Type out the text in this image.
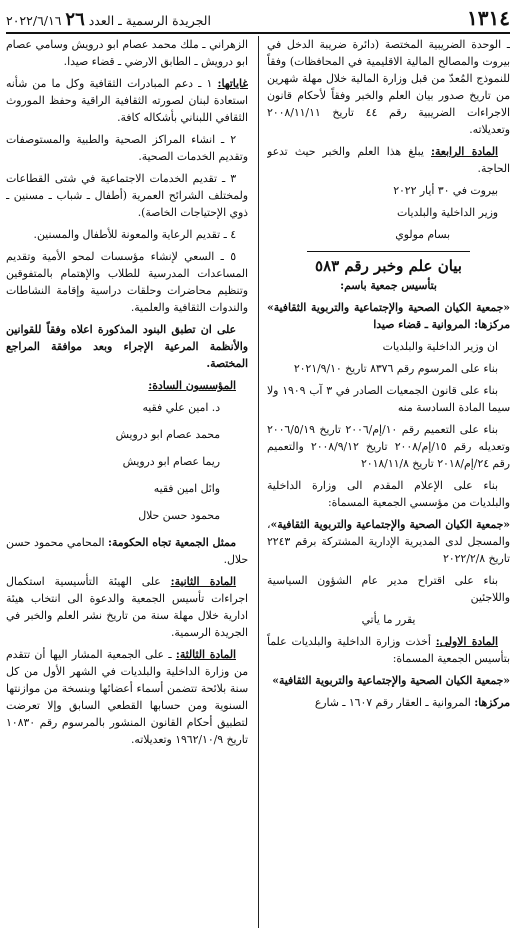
١٣١٤
الجريدة الرسمية ـ العدد ٢٦ ٢٠٢٢/٦/١٦

ـ الوحدة الضريبية المختصة (دائرة ضريبة الدخل في بيروت والمصالح المالية الاقليمية في المحافظات) وفقاً للنموذج المُعدّ من قبل وزارة المالية خلال مهلة شهرين من تاريخ صدور بيان العلم والخبر وفقاً لأحكام قانون الاجراءات الضريبية رقم ٤٤ تاريخ ٢٠٠٨/١١/١١ وتعديلاته.

المادة الرابعة: يبلغ هذا العلم والخبر حيث تدعو الحاجة.

بيروت في ٣٠ أيار ٢٠٢٢

وزير الداخلية والبلديات

بسام مولوي

بيان علم وخبر رقم ٥٨٣

بتأسيس جمعية باسم:

«جمعية الكيان الصحية والإجتماعية والتربوية الثقافية» مركزها: المروانية ـ قضاء صيدا

ان وزير الداخلية والبلديات

بناء على المرسوم رقم ٨٣٧٦ تاريخ ٢٠٢١/٩/١٠

بناء على قانون الجمعيات الصادر في ٣ آب ١٩٠٩ ولا سيما المادة السادسة منه

بناء على التعميم رقم ١٠/إم/٢٠٠٦ تاريخ ٢٠٠٦/٥/١٩ وتعديله رقم ١٥/إم/٢٠٠٨ تاريخ ٢٠٠٨/٩/١٢ والتعميم رقم ٢٤/إم/٢٠١٨ تاريخ ٢٠١٨/١١/٨

بناء على الإعلام المقدم الى وزارة الداخلية والبلديات من مؤسسي الجمعية المسماة:

«جمعية الكيان الصحية والإجتماعية والتربوية الثقافية»، والمسجل لدى المديرية الإدارية المشتركة برقم ٢٢٤٣ تاريخ ٢٠٢٢/٢/٨

بناء على اقتراح مدير عام الشؤون السياسية واللاجئين

يقرر ما يأتي

المادة الاولى: أخذت وزارة الداخلية والبلديات علماً بتأسيس الجمعية المسماة:

«جمعية الكيان الصحية والإجتماعية والتربوية الثقافية»

مركزها: المروانية ـ العقار رقم ١٦٠٧ ـ شارع

الزهراني ـ ملك محمد عصام ابو درويش وسامي عصام ابو درويش ـ الطابق الارضي ـ قضاء صيدا.

غاياتها: ١ ـ دعم المبادرات الثقافية وكل ما من شأنه استعادة لبنان لصورته الثقافية الراقية وحفظ الموروث الثقافي اللبناني بأشكاله كافة.

٢ ـ انشاء المراكز الصحية والطبية والمستوصفات وتقديم الخدمات الصحية.

٣ ـ تقديم الخدمات الاجتماعية في شتى القطاعات ولمختلف الشرائح العمرية (أطفال ـ شباب ـ مسنين ـ ذوي الإحتياجات الخاصة).

٤ ـ تقديم الرعاية والمعونة للأطفال والمسنين.

٥ ـ السعي لإنشاء مؤسسات لمحو الأمية وتقديم المساعدات المدرسية للطلاب والإهتمام بالمتفوقين وتنظيم محاضرات وحلقات دراسية وإقامة النشاطات والندوات الثقافية والعلمية.

على ان تطبق البنود المذكورة اعلاه وفقاً للقوانين والأنظمة المرعية الإجراء وبعد موافقة المراجع المختصة.

المؤسسون السادة:

د. امين علي فقيه

محمد عصام ابو درويش

ريما عصام ابو درويش

وائل امين فقيه

محمود حسن حلال

ممثل الجمعية تجاه الحكومة: المحامي محمود حسن حلال.

المادة الثانية: على الهيئة التأسيسية استكمال اجراءات تأسيس الجمعية والدعوة الى انتخاب هيئة ادارية خلال مهلة سنة من تاريخ نشر العلم والخبر في الجريدة الرسمية.

المادة الثالثة: ـ على الجمعية المشار اليها أن تتقدم من وزارة الداخلية والبلديات في الشهر الأول من كل سنة بلائحة تتضمن أسماء أعضائها وبنسخة من موازنتها السنوية ومن حسابها القطعي السابق وإلا تعرضت لتطبيق أحكام القانون المنشور بالمرسوم رقم ١٠٨٣٠ تاريخ ١٩٦٢/١٠/٩ وتعديلاته.
